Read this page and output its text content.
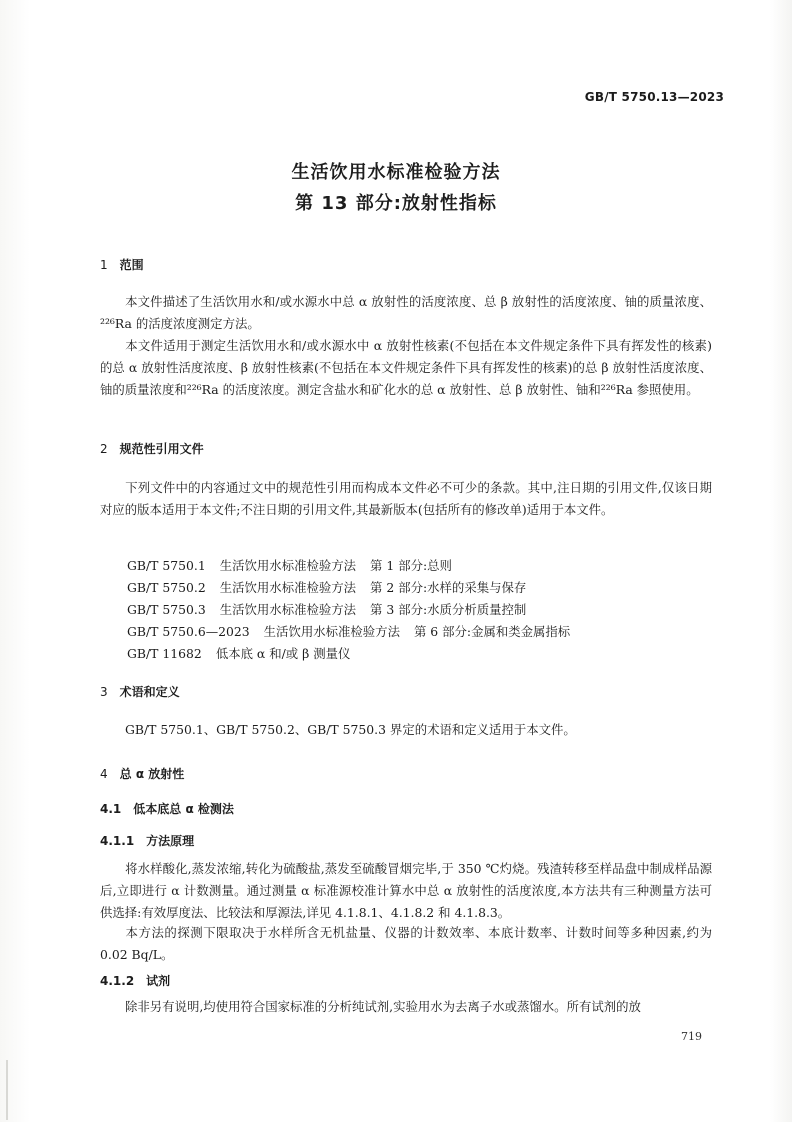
GB/T 5750.13—2023
生活饮用水标准检验方法
第 13 部分:放射性指标
1 范围
本文件描述了生活饮用水和/或水源水中总 α 放射性的活度浓度、总 β 放射性的活度浓度、铀的质量浓度、²²⁶Ra 的活度浓度测定方法。
本文件适用于测定生活饮用水和/或水源水中 α 放射性核素(不包括在本文件规定条件下具有挥发性的核素)的总 α 放射性活度浓度、β 放射性核素(不包括在本文件规定条件下具有挥发性的核素)的总 β 放射性活度浓度、铀的质量浓度和²²⁶Ra 的活度浓度。测定含盐水和矿化水的总 α 放射性、总 β 放射性、铀和²²⁶Ra 参照使用。
2 规范性引用文件
下列文件中的内容通过文中的规范性引用而构成本文件必不可少的条款。其中,注日期的引用文件,仅该日期对应的版本适用于本文件;不注日期的引用文件,其最新版本(包括所有的修改单)适用于本文件。
GB/T 5750.1 生活饮用水标准检验方法 第 1 部分:总则
GB/T 5750.2 生活饮用水标准检验方法 第 2 部分:水样的采集与保存
GB/T 5750.3 生活饮用水标准检验方法 第 3 部分:水质分析质量控制
GB/T 5750.6—2023 生活饮用水标准检验方法 第 6 部分:金属和类金属指标
GB/T 11682 低本底 α 和/或 β 测量仪
3 术语和定义
GB/T 5750.1、GB/T 5750.2、GB/T 5750.3 界定的术语和定义适用于本文件。
4 总 α 放射性
4.1 低本底总 α 检测法
4.1.1 方法原理
将水样酸化,蒸发浓缩,转化为硫酸盐,蒸发至硫酸冒烟完毕,于 350 ℃灼烧。残渣转移至样品盘中制成样品源后,立即进行 α 计数测量。通过测量 α 标准源校准计算水中总 α 放射性的活度浓度,本方法共有三种测量方法可供选择:有效厚度法、比较法和厚源法,详见 4.1.8.1、4.1.8.2 和 4.1.8.3。
本方法的探测下限取决于水样所含无机盐量、仪器的计数效率、本底计数率、计数时间等多种因素,约为 0.02 Bq/L。
4.1.2 试剂
除非另有说明,均使用符合国家标准的分析纯试剂,实验用水为去离子水或蒸馏水。所有试剂的放
719
